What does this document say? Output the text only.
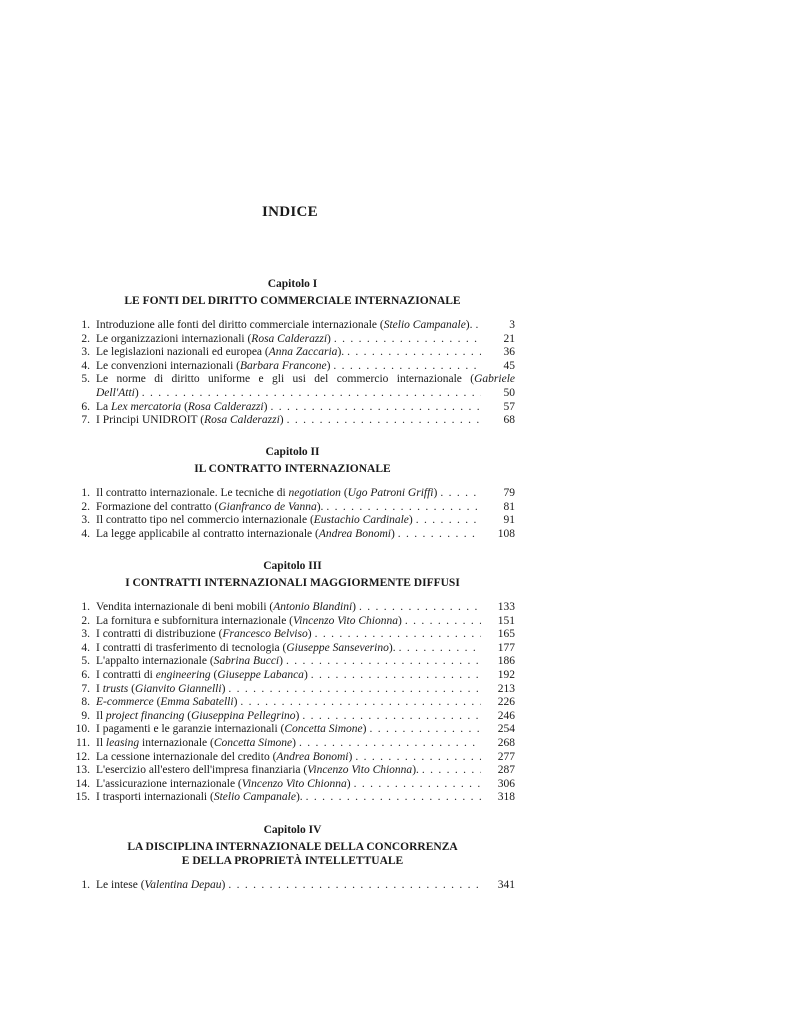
INDICE
Capitolo I
LE FONTI DEL DIRITTO COMMERCIALE INTERNAZIONALE
1. Introduzione alle fonti del diritto commerciale internazionale (Stelio Campanale). . . .	3
2. Le organizzazioni internazionali (Rosa Calderazzi) . . .	21
3. Le legislazioni nazionali ed europea (Anna Zaccaria). . . .	36
4. Le convenzioni internazionali (Barbara Francone) . . .	45
5. Le norme di diritto uniforme e gli usi del commercio internazionale (Gabriele
Dell'Atti) . . .	50
6. La Lex mercatoria (Rosa Calderazzi) . . .	57
7. I Principi UNIDROIT (Rosa Calderazzi) . . .	68
Capitolo II
IL CONTRATTO INTERNAZIONALE
1. Il contratto internazionale. Le tecniche di negotiation (Ugo Patroni Griffi) . . .	79
2. Formazione del contratto (Gianfranco de Vanna). . . .	81
3. Il contratto tipo nel commercio internazionale (Eustachio Cardinale) . . .	91
4. La legge applicabile al contratto internazionale (Andrea Bonomi) . . .	108
Capitolo III
I CONTRATTI INTERNAZIONALI MAGGIORMENTE DIFFUSI
1. Vendita internazionale di beni mobili (Antonio Blandini) . . .	133
2. La fornitura e subfornitura internazionale (Vincenzo Vito Chionna) . . .	151
3. I contratti di distribuzione (Francesco Belviso) . . .	165
4. I contratti di trasferimento di tecnologia (Giuseppe Sanseverino). . . .	177
5. L'appalto internazionale (Sabrina Bucci) . . .	186
6. I contratti di engineering (Giuseppe Labanca) . . .	192
7. I trusts (Gianvito Giannelli) . . .	213
8. E-commerce (Emma Sabatelli) . . .	226
9. Il project financing (Giuseppina Pellegrino) . . .	246
10. I pagamenti e le garanzie internazionali (Concetta Simone) . . .	254
11. Il leasing internazionale (Concetta Simone) . . .	268
12. La cessione internazionale del credito (Andrea Bonomi) . . .	277
13. L'esercizio all'estero dell'impresa finanziaria (Vincenzo Vito Chionna). . . .	287
14. L'assicurazione internazionale (Vincenzo Vito Chionna) . . .	306
15. I trasporti internazionali (Stelio Campanale). . . .	318
Capitolo IV
LA DISCIPLINA INTERNAZIONALE DELLA CONCORRENZA
E DELLA PROPRIETÀ INTELLETTUALE
1. Le intese (Valentina Depau) . . .	341
